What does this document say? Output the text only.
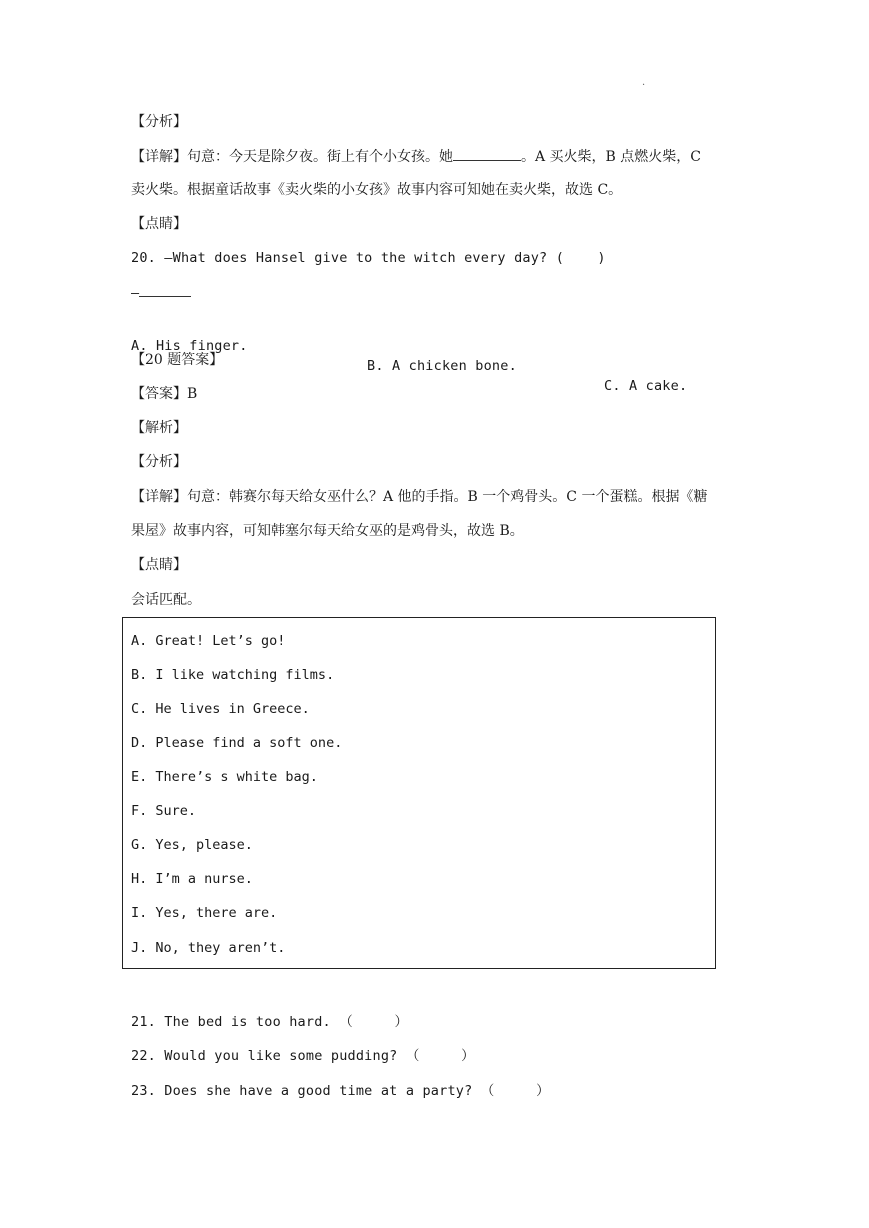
·
【分析】
【详解】句意：今天是除夕夜。街上有个小女孩。她	。A 买火柴，B 点燃火柴，C
卖火柴。根据童话故事《卖火柴的小女孩》故事内容可知她在卖火柴，故选 C。
【点睛】
20. —What does Hansel give to the witch every day? (    )
—

A. His finger.

B. A chicken bone.

C. A cake.

【20 题答案】
【答案】B
【解析】
【分析】
【详解】句意：韩赛尔每天给女巫什么？A 他的手指。B 一个鸡骨头。C 一个蛋糕。根据《糖
果屋》故事内容，可知韩塞尔每天给女巫的是鸡骨头，故选 B。
【点睛】
会话匹配。
A. Great! Let’s go!
B. I like watching films.
C. He lives in Greece.
D. Please find a soft one.
E. There’s s white bag.
F. Sure.
G. Yes, please.
H. I’m a nurse.
I. Yes, there are.
J. No, they aren’t.
21. The bed is too hard. （     ）
22. Would you like some pudding? （     ）
23. Does she have a good time at a party? （     ）
